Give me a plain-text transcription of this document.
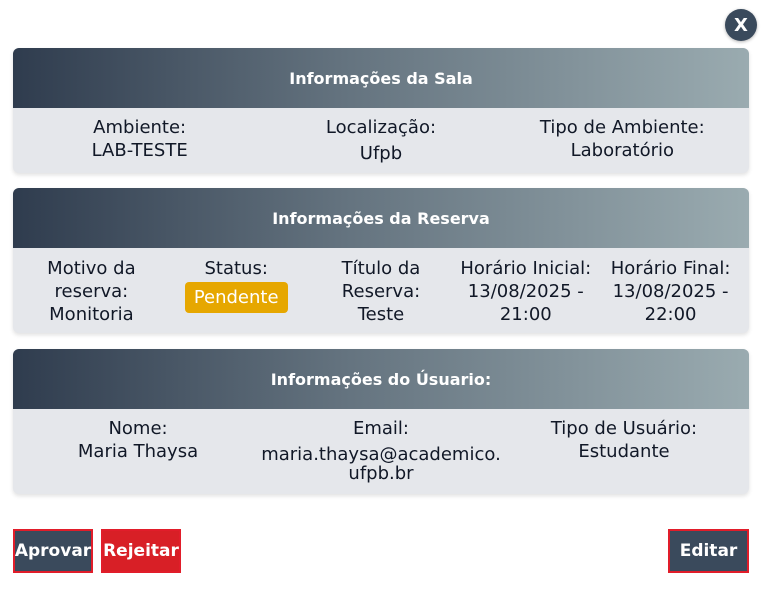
X
Informações da Sala
Ambiente:
LAB-TESTE
Localização:
Ufpb
Tipo de Ambiente:
Laboratório
Informações da Reserva
Motivo da
reserva:
Monitoria
Status:
Pendente
Título da
Reserva:
Teste
Horário Inicial:
13/08/2025 -
21:00
Horário Final:
13/08/2025 -
22:00
Informações do Úsuario:
Nome:
Maria Thaysa
Email:
maria.thaysa@academico.
ufpb.br
Tipo de Usuário:
Estudante
Aprovar Rejeitar	Editar
